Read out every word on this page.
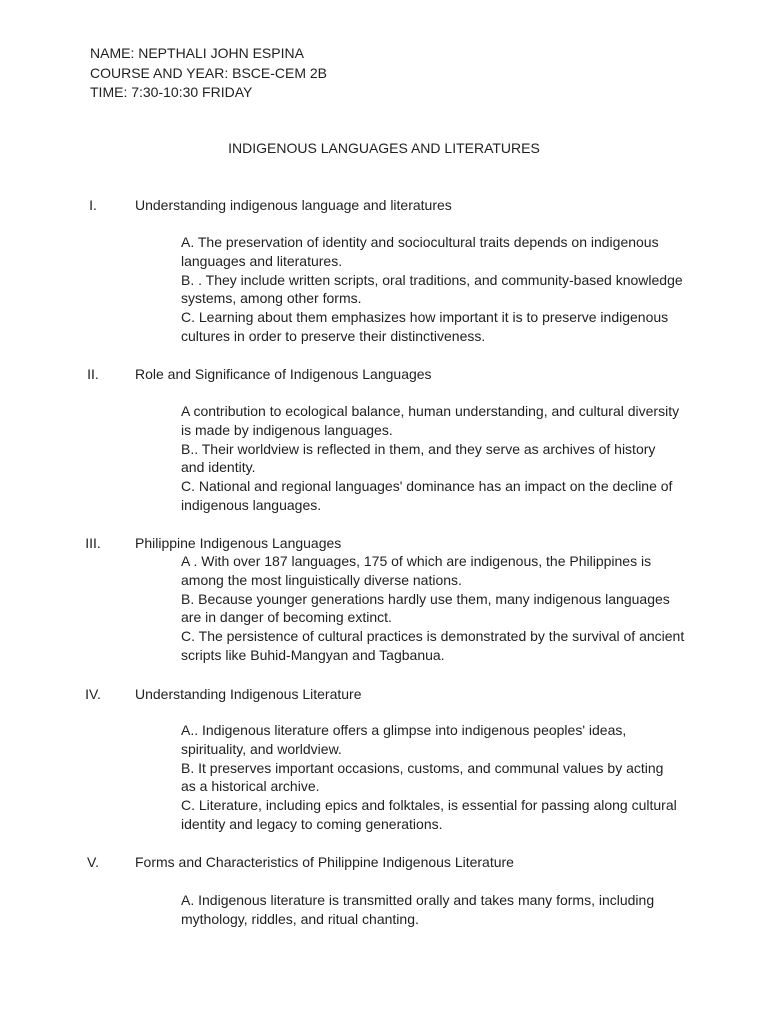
NAME: NEPTHALI JOHN ESPINA
COURSE AND YEAR: BSCE-CEM 2B
TIME: 7:30-10:30 FRIDAY
INDIGENOUS LANGUAGES AND LITERATURES
I.	Understanding indigenous language and literatures

A. The preservation of identity and sociocultural traits depends on indigenous

languages and literatures.

B. . They include written scripts, oral traditions, and community-based knowledge

systems, among other forms.

C. Learning about them emphasizes how important it is to preserve indigenous

cultures in order to preserve their distinctiveness.

II.	Role and Significance of Indigenous Languages

A contribution to ecological balance, human understanding, and cultural diversity

is made by indigenous languages.

B.. Their worldview is reflected in them, and they serve as archives of history

and identity.

C. National and regional languages' dominance has an impact on the decline of

indigenous languages.

III.	Philippine Indigenous Languages

A . With over 187 languages, 175 of which are indigenous, the Philippines is

among the most linguistically diverse nations.

B. Because younger generations hardly use them, many indigenous languages

are in danger of becoming extinct.

C. The persistence of cultural practices is demonstrated by the survival of ancient

scripts like Buhid-Mangyan and Tagbanua.

IV.	Understanding Indigenous Literature

A.. Indigenous literature offers a glimpse into indigenous peoples' ideas,

spirituality, and worldview.

B. It preserves important occasions, customs, and communal values by acting

as a historical archive.

C. Literature, including epics and folktales, is essential for passing along cultural

identity and legacy to coming generations.

V.	Forms and Characteristics of Philippine Indigenous Literature

A. Indigenous literature is transmitted orally and takes many forms, including

mythology, riddles, and ritual chanting.
